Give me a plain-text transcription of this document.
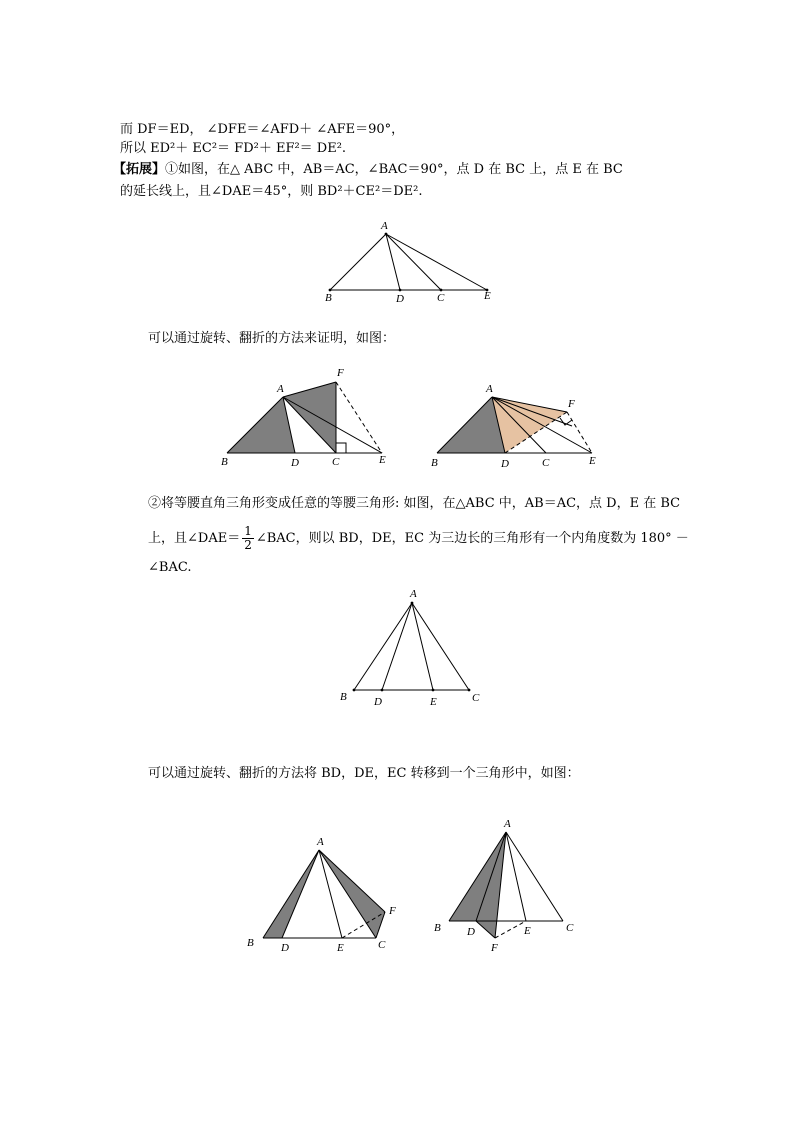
而 DF＝ED， ∠DFE＝∠AFD＋ ∠AFE＝90°，
所以 ED²＋ EC²＝ FD²＋ EF²＝ DE².
【拓展】①如图，在△ ABC 中，AB＝AC，∠BAC＝90°，点 D 在 BC 上，点 E 在 BC
的延长线上，且∠DAE＝45°，则 BD²＋CE²＝DE².
A
B	D	C	E
可以通过旋转、翻折的方法来证明，如图：
A
F
B	D	C	E
A
F
B	D	C	E
②将等腰直角三角形变成任意的等腰三角形: 如图，在△ABC 中，AB＝AC，点 D，E 在 BC
上，且∠DAE＝ $\frac{1}{2}$ ∠BAC，则以 BD，DE，EC 为三边长的三角形有一个内角度数为 180° －
∠BAC.
A
B D	E	C
可以通过旋转、翻折的方法将 BD，DE，EC 转移到一个三角形中，如图：
A
F
B D	E	C
A
B D	E	C
F
